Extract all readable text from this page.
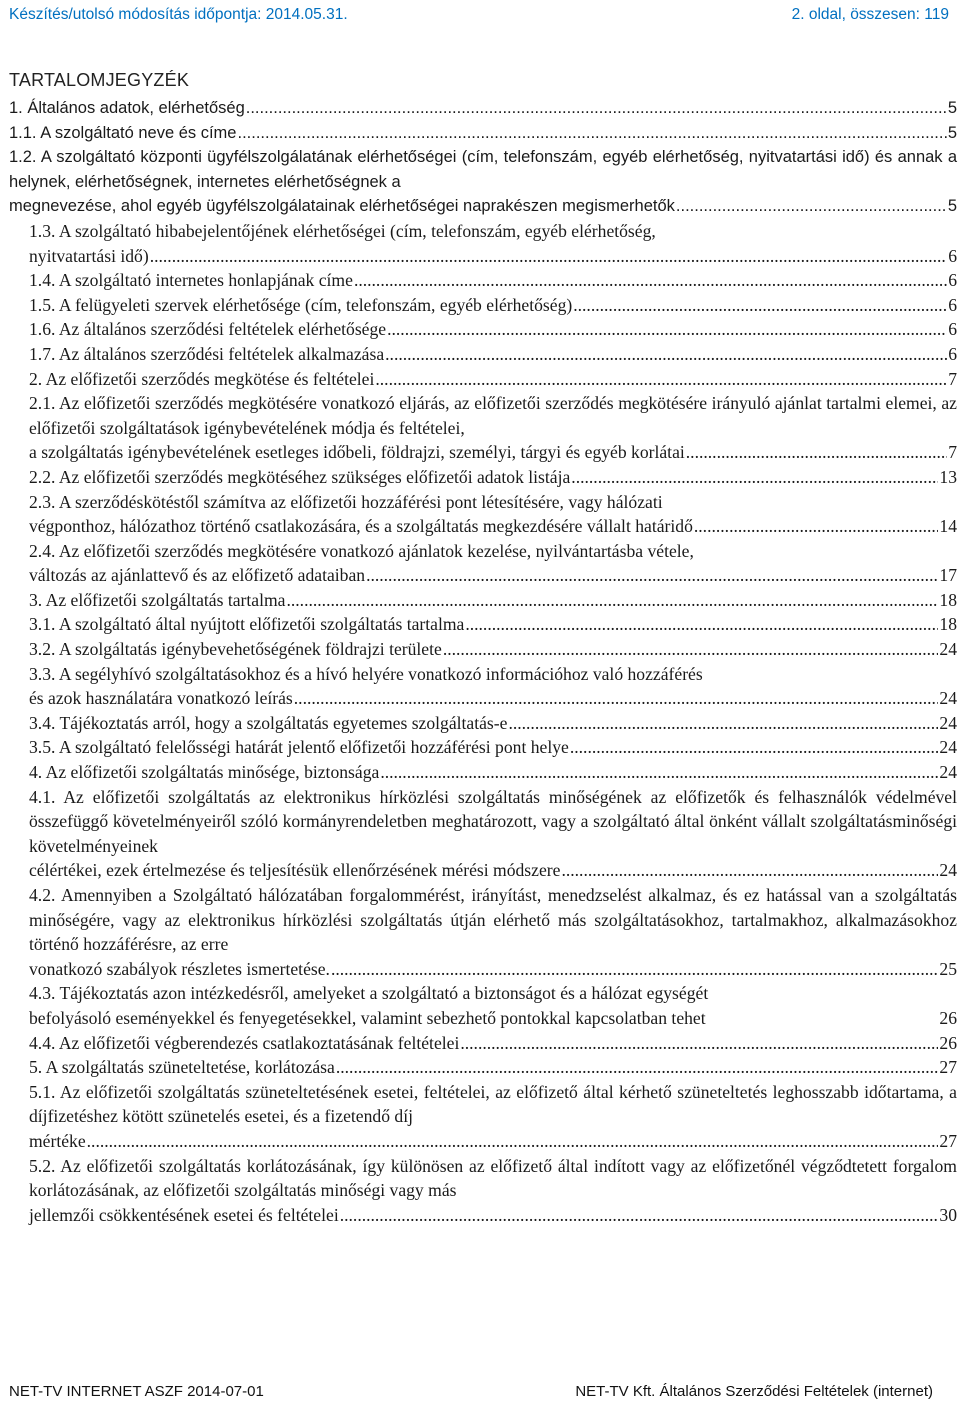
Készítés/utolsó módosítás időpontja: 2014.05.31.	2. oldal, összesen: 119
TARTALOMJEGYZÉK
1. Általános adatok, elérhetőség .....	5
1.1. A szolgáltató neve és címe .....	5
1.2. A szolgáltató központi ügyfélszolgálatának elérhetőségei (cím, telefonszám, egyéb elérhetőség, nyitvatartási idő) és annak a helynek, elérhetőségnek, internetes elérhetőségnek a
megnevezése, ahol egyéb ügyfélszolgálatainak elérhetőségei naprakészen megismerhetők .....	5
1.3. A szolgáltató hibabejelentőjének elérhetőségei (cím, telefonszám, egyéb elérhetőség,
nyitvatartási idő) .....	6
1.4. A szolgáltató internetes honlapjának címe .....	6
1.5. A felügyeleti szervek elérhetősége (cím, telefonszám, egyéb elérhetőség) .....	6
1.6. Az általános szerződési feltételek elérhetősége .....	6
1.7. Az általános szerződési feltételek alkalmazása .....	6
2. Az előfizetői szerződés megkötése és feltételei .....	7
2.1. Az előfizetői szerződés megkötésére vonatkozó eljárás, az előfizetői szerződés megkötésére irányuló ajánlat tartalmi elemei, az előfizetői szolgáltatások igénybevételének módja és feltételei,
a szolgáltatás igénybevételének esetleges időbeli, földrajzi, személyi, tárgyi és egyéb korlátai .....	7
2.2. Az előfizetői szerződés megkötéséhez szükséges előfizetői adatok listája .....	13
2.3. A szerződéskötéstől számítva az előfizetői hozzáférési pont létesítésére, vagy hálózati
végponthoz, hálózathoz történő csatlakozására, és a szolgáltatás megkezdésére vállalt határidő .....	14
2.4. Az előfizetői szerződés megkötésére vonatkozó ajánlatok kezelése, nyilvántartásba vétele,
változás az ajánlattevő és az előfizető adataiban .....	17
3. Az előfizetői szolgáltatás tartalma .....	18
3.1. A szolgáltató által nyújtott előfizetői szolgáltatás tartalma .....	18
3.2. A szolgáltatás igénybevehetőségének földrajzi területe .....	24
3.3. A segélyhívó szolgáltatásokhoz és a hívó helyére vonatkozó információhoz való hozzáférés
és azok használatára vonatkozó leírás .....	24
3.4. Tájékoztatás arról, hogy a szolgáltatás egyetemes szolgáltatás-e .....	24
3.5. A szolgáltató felelősségi határát jelentő előfizetői hozzáférési pont helye .....	24
4. Az előfizetői szolgáltatás minősége, biztonsága .....	24
4.1. Az előfizetői szolgáltatás az elektronikus hírközlési szolgáltatás minőségének az előfizetők és felhasználók védelmével összefüggő követelményeiről szóló kormányrendeletben meghatározott, vagy a szolgáltató által önként vállalt szolgáltatásminőségi követelményeinek
célértékei, ezek értelmezése és teljesítésük ellenőrzésének mérési módszere .....	24
4.2. Amennyiben a Szolgáltató hálózatában forgalommérést, irányítást, menedzselést alkalmaz, és ez hatással van a szolgáltatás minőségére, vagy az elektronikus hírközlési szolgáltatás útján elérhető más szolgáltatásokhoz, tartalmakhoz, alkalmazásokhoz történő hozzáférésre, az erre
vonatkozó szabályok részletes ismertetése. .....	25
4.3. Tájékoztatás azon intézkedésről, amelyeket a szolgáltató a biztonságot és a hálózat egységét
befolyásoló eseményekkel és fenyegetésekkel, valamint sebezhető pontokkal kapcsolatban tehet	26
4.4. Az előfizetői végberendezés csatlakoztatásának feltételei .....	26
5. A szolgáltatás szüneteltetése, korlátozása .....	27
5.1. Az előfizetői szolgáltatás szüneteltetésének esetei, feltételei, az előfizető által kérhető szüneteltetés leghosszabb időtartama, a díjfizetéshez kötött szünetelés esetei, és a fizetendő díj
mértéke .....	27
5.2. Az előfizetői szolgáltatás korlátozásának, így különösen az előfizető által indított vagy az előfizetőnél végződtetett forgalom korlátozásának, az előfizetői szolgáltatás minőségi vagy más
jellemzői csökkentésének esetei és feltételei .....	30
NET-TV INTERNET ASZF 2014-07-01	NET-TV Kft. Általános Szerződési Feltételek (internet)
